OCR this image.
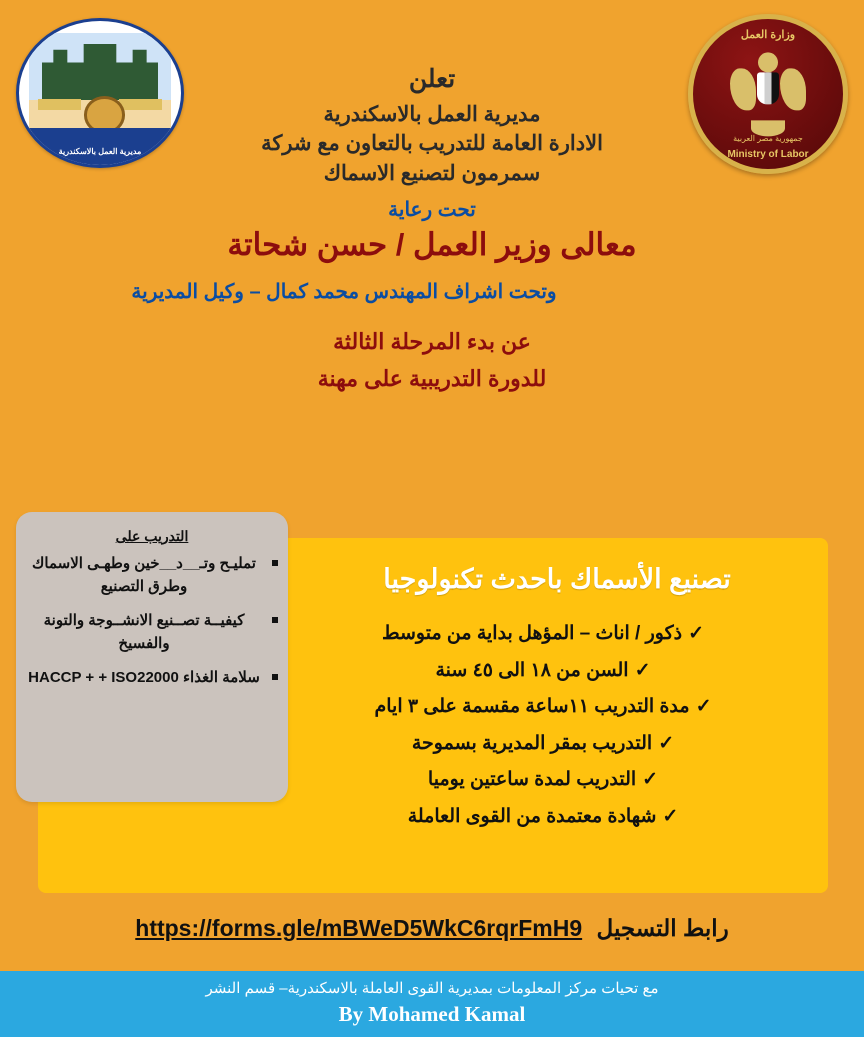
مديرية العمل بالاسكندرية
وزارة العمل
جمهورية مصر العربية
Ministry of Labor
تعلن
مديرية العمل بالاسكندرية
الادارة العامة للتدريب بالتعاون مع شركة
سمرمون لتصنيع الاسماك
تحت رعاية
معالى وزير العمل / حسن شحاتة
وتحت اشراف المهندس محمد كمال – وكيل المديرية
عن بدء المرحلة الثالثة
للدورة التدريبية على مهنة
تصنيع الأسماك باحدث تكنولوجيا
✓ذكور / اناث – المؤهل بداية من متوسط
✓السن من ١٨ الى ٤٥ سنة
✓مدة التدريب ١١ساعة مقسمة على ٣ ايام
✓التدريب بمقر المديرية بسموحة
✓التدريب لمدة ساعتين يوميا
✓شهادة معتمدة من القوى العاملة
التدريب على
تمليـح وتـ__د__خين وطهـى الاسماك وطرق التصنيع
كيفيــة تصــنيع الانشــوجة والتونة والفسيخ
سلامة الغذاء HACCP + + ISO22000
رابط التسجيل https://forms.gle/mBWeD5WkC6rqrFmH9
مع تحيات مركز المعلومات بمديرية القوى العاملة بالاسكندرية– قسم النشر
By Mohamed Kamal
